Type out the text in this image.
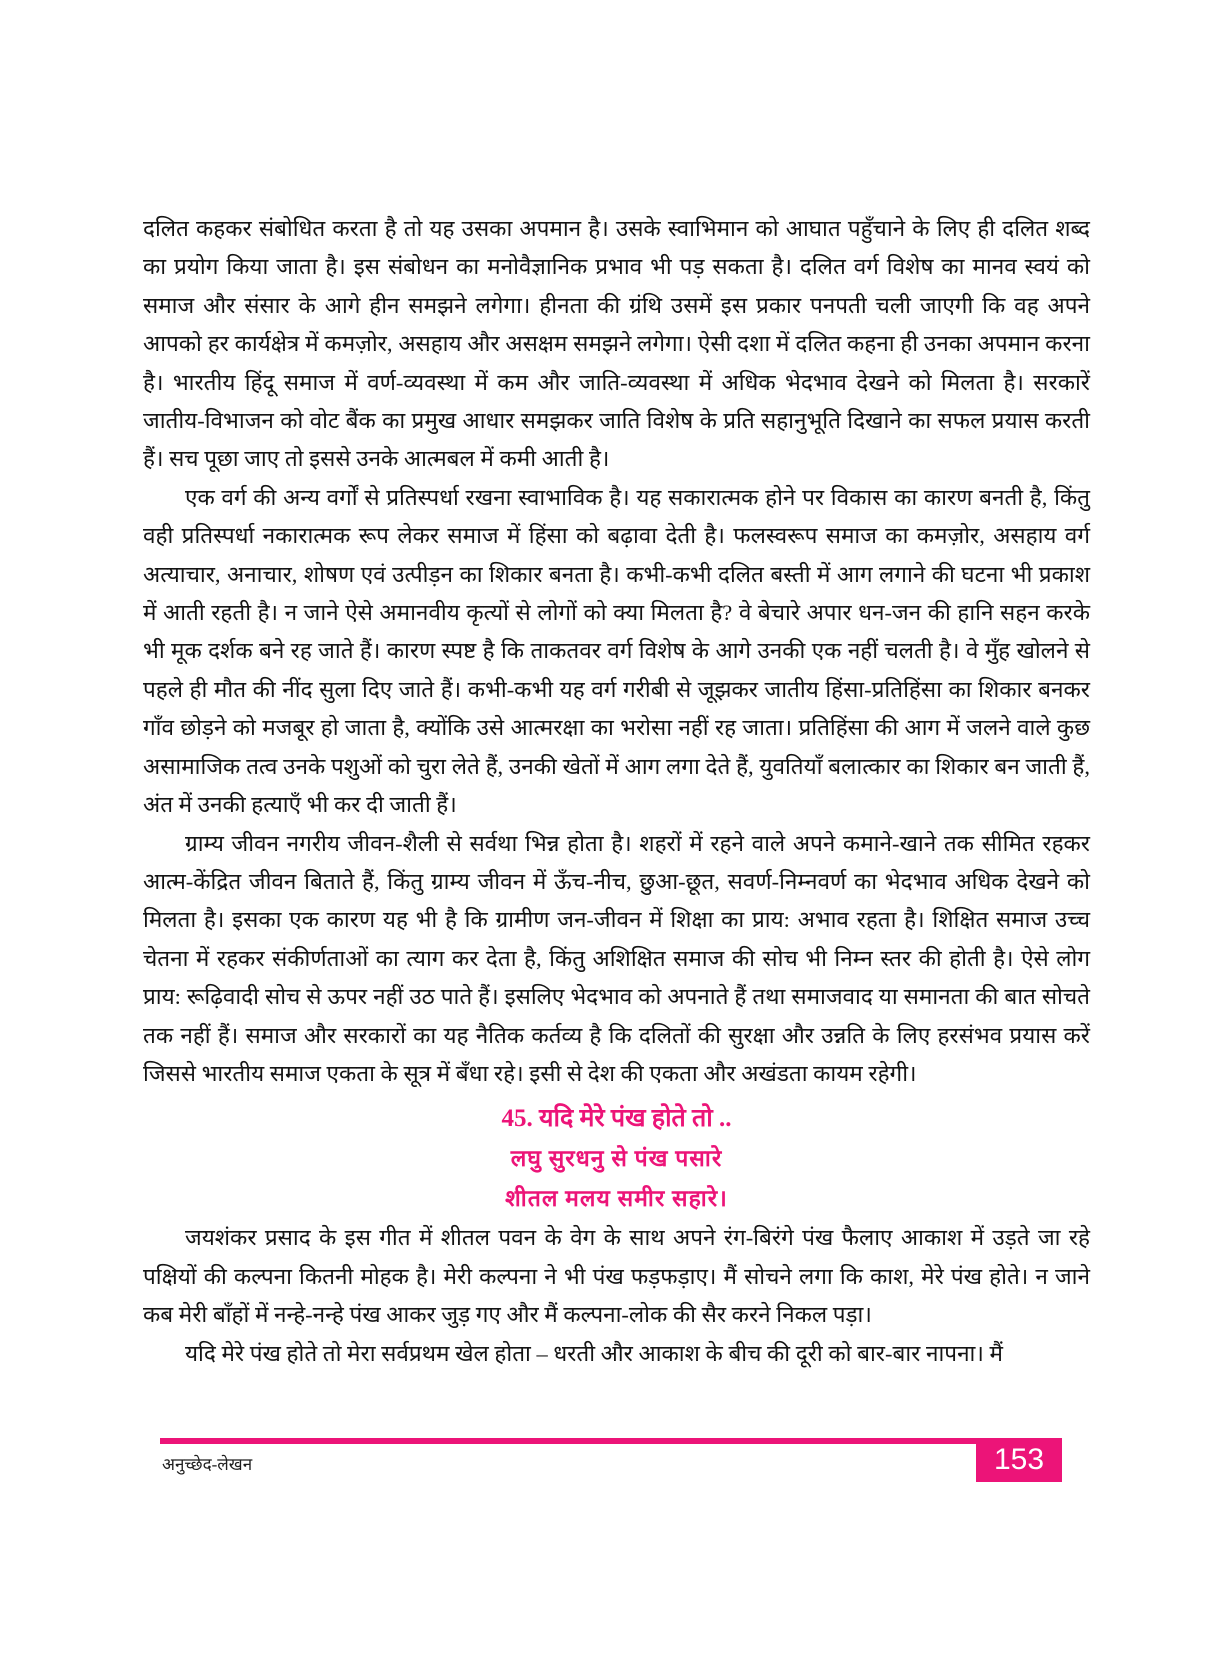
दलित कहकर संबोधित करता है तो यह उसका अपमान है। उसके स्वाभिमान को आघात पहुँचाने के लिए ही दलित शब्द का प्रयोग किया जाता है। इस संबोधन का मनोवैज्ञानिक प्रभाव भी पड़ सकता है। दलित वर्ग विशेष का मानव स्वयं को समाज और संसार के आगे हीन समझने लगेगा। हीनता की ग्रंथि उसमें इस प्रकार पनपती चली जाएगी कि वह अपने आपको हर कार्यक्षेत्र में कमज़ोर, असहाय और असक्षम समझने लगेगा। ऐसी दशा में दलित कहना ही उनका अपमान करना है। भारतीय हिंदू समाज में वर्ण-व्यवस्था में कम और जाति-व्यवस्था में अधिक भेदभाव देखने को मिलता है। सरकारें जातीय-विभाजन को वोट बैंक का प्रमुख आधार समझकर जाति विशेष के प्रति सहानुभूति दिखाने का सफल प्रयास करती हैं। सच पूछा जाए तो इससे उनके आत्मबल में कमी आती है।

एक वर्ग की अन्य वर्गों से प्रतिस्पर्धा रखना स्वाभाविक है। यह सकारात्मक होने पर विकास का कारण बनती है, किंतु वही प्रतिस्पर्धा नकारात्मक रूप लेकर समाज में हिंसा को बढ़ावा देती है। फलस्वरूप समाज का कमज़ोर, असहाय वर्ग अत्याचार, अनाचार, शोषण एवं उत्पीड़न का शिकार बनता है। कभी-कभी दलित बस्ती में आग लगाने की घटना भी प्रकाश में आती रहती है। न जाने ऐसे अमानवीय कृत्यों से लोगों को क्या मिलता है? वे बेचारे अपार धन-जन की हानि सहन करके भी मूक दर्शक बने रह जाते हैं। कारण स्पष्ट है कि ताकतवर वर्ग विशेष के आगे उनकी एक नहीं चलती है। वे मुँह खोलने से पहले ही मौत की नींद सुला दिए जाते हैं। कभी-कभी यह वर्ग गरीबी से जूझकर जातीय हिंसा-प्रतिहिंसा का शिकार बनकर गाँव छोड़ने को मजबूर हो जाता है, क्योंकि उसे आत्मरक्षा का भरोसा नहीं रह जाता। प्रतिहिंसा की आग में जलने वाले कुछ असामाजिक तत्व उनके पशुओं को चुरा लेते हैं, उनकी खेतों में आग लगा देते हैं, युवतियाँ बलात्कार का शिकार बन जाती हैं, अंत में उनकी हत्याएँ भी कर दी जाती हैं।

ग्राम्य जीवन नगरीय जीवन-शैली से सर्वथा भिन्न होता है। शहरों में रहने वाले अपने कमाने-खाने तक सीमित रहकर आत्म-केंद्रित जीवन बिताते हैं, किंतु ग्राम्य जीवन में ऊँच-नीच, छुआ-छूत, सवर्ण-निम्नवर्ण का भेदभाव अधिक देखने को मिलता है। इसका एक कारण यह भी है कि ग्रामीण जन-जीवन में शिक्षा का प्राय: अभाव रहता है। शिक्षित समाज उच्च चेतना में रहकर संकीर्णताओं का त्याग कर देता है, किंतु अशिक्षित समाज की सोच भी निम्न स्तर की होती है। ऐसे लोग प्राय: रूढ़िवादी सोच से ऊपर नहीं उठ पाते हैं। इसलिए भेदभाव को अपनाते हैं तथा समाजवाद या समानता की बात सोचते तक नहीं हैं। समाज और सरकारों का यह नैतिक कर्तव्य है कि दलितों की सुरक्षा और उन्नति के लिए हरसंभव प्रयास करें जिससे भारतीय समाज एकता के सूत्र में बँधा रहे। इसी से देश की एकता और अखंडता कायम रहेगी।

45. यदि मेरे पंख होते तो ..
लघु सुरधनु से पंख पसारे
शीतल मलय समीर सहारे।

जयशंकर प्रसाद के इस गीत में शीतल पवन के वेग के साथ अपने रंग-बिरंगे पंख फैलाए आकाश में उड़ते जा रहे पक्षियों की कल्पना कितनी मोहक है। मेरी कल्पना ने भी पंख फड़फड़ाए। मैं सोचने लगा कि काश, मेरे पंख होते। न जाने कब मेरी बाँहों में नन्हे-नन्हे पंख आकर जुड़ गए और मैं कल्पना-लोक की सैर करने निकल पड़ा।

यदि मेरे पंख होते तो मेरा सर्वप्रथम खेल होता – धरती और आकाश के बीच की दूरी को बार-बार नापना। मैं

अनुच्छेद-लेखन	153
